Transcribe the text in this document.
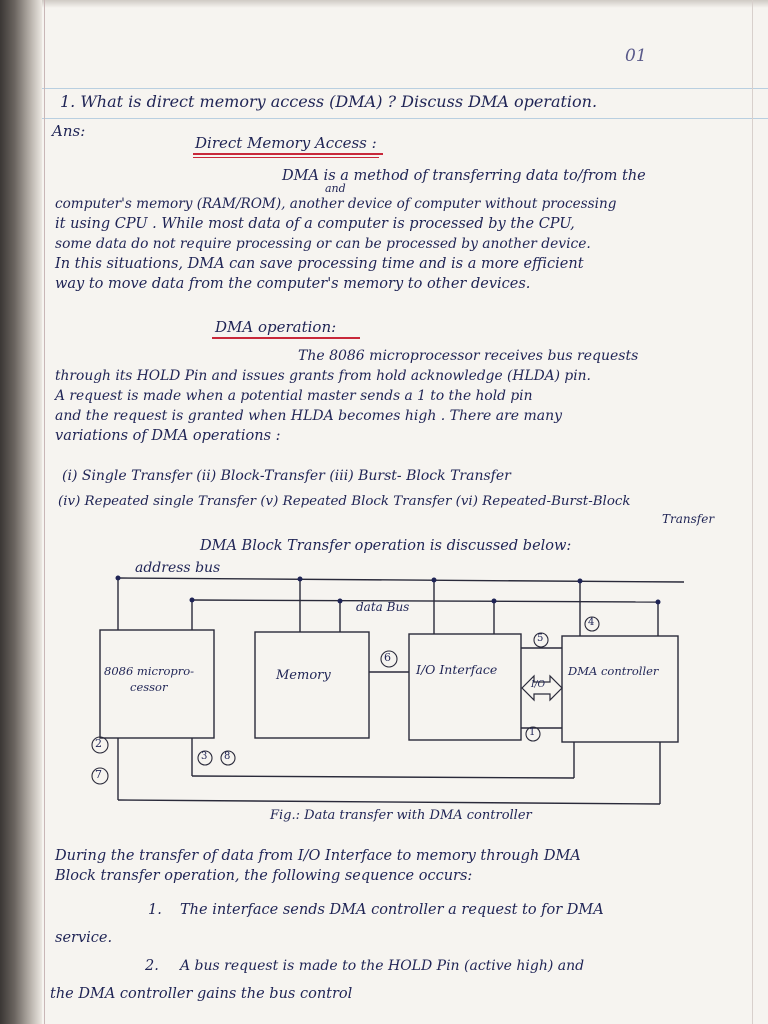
01
1. What is direct memory access (DMA) ? Discuss DMA operation.
Ans:
Direct Memory Access :
DMA is a method of transferring data to/from the
and
computer's memory (RAM/ROM), another device of computer without processing
it using CPU . While most data of a computer is processed by the CPU,
some data do not require processing or can be processed by another device.
In this situations, DMA can save processing time and is a more efficient
way to move data from the computer's memory to other devices.
DMA operation:
The 8086 microprocessor receives bus requests
through its HOLD Pin and issues grants from hold acknowledge (HLDA) pin.
A request is made when a potential master sends a 1 to the hold pin
and the request is granted when HLDA becomes high . There are many
variations of DMA operations :
(i) Single Transfer (ii) Block-Transfer (iii) Burst- Block Transfer
(iv) Repeated single Transfer (v) Repeated Block Transfer (vi) Repeated-Burst-Block
Transfer
DMA Block Transfer operation is discussed below:
address bus
data Bus
8086 micropro-
cessor
Memory	I/O Interface	DMA controller
I/O
2
7
3 8
6
5
4
1
Fig.: Data transfer with DMA controller
During the transfer of data from I/O Interface to memory through DMA
Block transfer operation, the following sequence occurs:
1. The interface sends DMA controller a request to for DMA
service.
2. A bus request is made to the HOLD Pin (active high) and
the DMA controller gains the bus control
